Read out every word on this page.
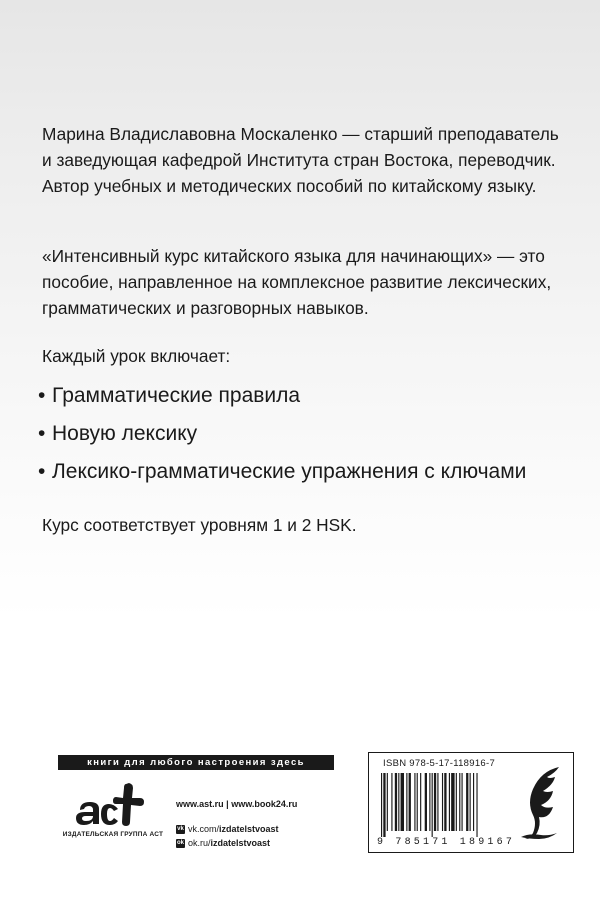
Марина Владиславовна Москаленко — старший преподаватель и заведующая кафедрой Института стран Востока, переводчик. Автор учебных и методических пособий по китайскому языку.

«Интенсивный курс китайского языка для начинающих» — это пособие, направленное на комплексное развитие лексических, грамматических и разговорных навыков.

Каждый урок включает:

• Грамматические правила
• Новую лексику
• Лексико-грамматические упражнения с ключами

Курс соответствует уровням 1 и 2 HSK.

книги для любого настроения здесь
ИЗДАТЕЛЬСКАЯ ГРУППА АСТ
www.ast.ru | www.book24.ru
vk vk.com/ izdatelstvoast
ok ok.ru/ izdatelstvoast
ISBN 978-5-17-118916-7
9 785171 189167
